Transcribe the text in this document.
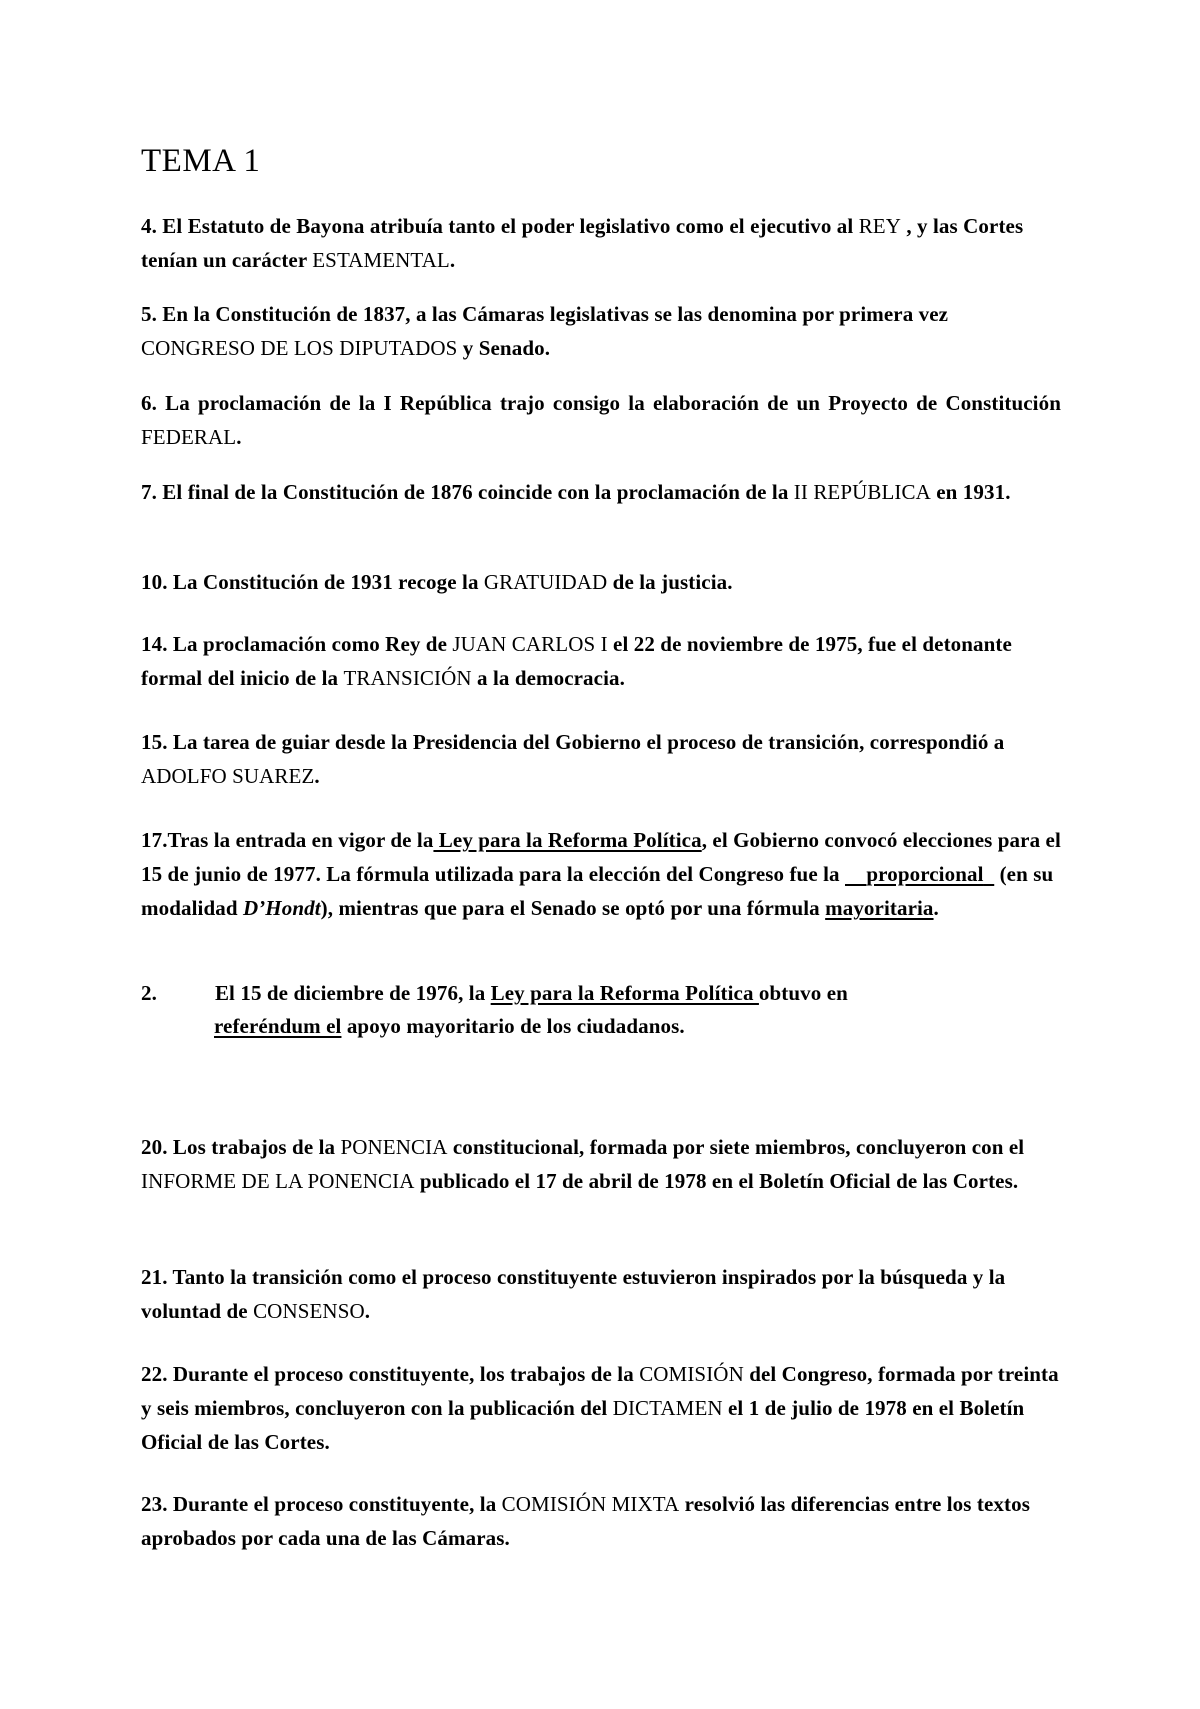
TEMA 1
4. El Estatuto de Bayona atribuía tanto el poder legislativo como el ejecutivo al REY , y las Cortes tenían un carácter ESTAMENTAL.
5. En la Constitución de 1837, a las Cámaras legislativas se las denomina por primera vez CONGRESO DE LOS DIPUTADOS y Senado.
6. La proclamación de la I República trajo consigo la elaboración de un Proyecto de Constitución FEDERAL.
7. El final de la Constitución de 1876 coincide con la proclamación de la II REPÚBLICA en 1931.
10. La Constitución de 1931 recoge la GRATUIDAD de la justicia.
14. La proclamación como Rey de JUAN CARLOS I el 22 de noviembre de 1975, fue el detonante formal del inicio de la TRANSICIÓN a la democracia.
15. La tarea de guiar desde la Presidencia del Gobierno el proceso de transición, correspondió a ADOLFO SUAREZ.
17.Tras la entrada en vigor de la Ley para la Reforma Política, el Gobierno convocó elecciones para el 15 de junio de 1977. La fórmula utilizada para la elección del Congreso fue la     proporcional   (en su modalidad D’Hondt), mientras que para el Senado se optó por una fórmula mayoritaria.
2.	El 15 de diciembre de 1976, la Ley para la Reforma Política obtuvo en
referéndum el apoyo mayoritario de los ciudadanos.
20. Los trabajos de la PONENCIA constitucional, formada por siete miembros, concluyeron con el INFORME DE LA PONENCIA publicado el 17 de abril de 1978 en el Boletín Oficial de las Cortes.
21. Tanto la transición como el proceso constituyente estuvieron inspirados por la búsqueda y la voluntad de CONSENSO.
22. Durante el proceso constituyente, los trabajos de la COMISIÓN del Congreso, formada por treinta y seis miembros, concluyeron con la publicación del DICTAMEN el 1 de julio de 1978 en el Boletín Oficial de las Cortes.
23. Durante el proceso constituyente, la COMISIÓN MIXTA resolvió las diferencias entre los textos aprobados por cada una de las Cámaras.
